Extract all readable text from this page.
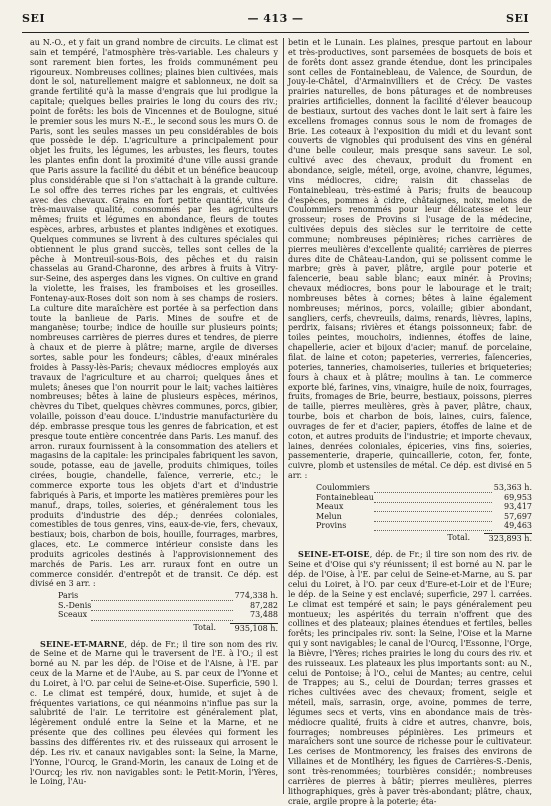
SEI	— 413 —	SEI

au N.-O., et y fait un grand nombre de circuits. Le climat est sain et tempéré, l'atmosphère très-variable. Les chaleurs y sont rarement bien fortes, les froids communément peu rigoureux. Nombreuses collines; plaines bien cultivées, mais dont le sol, naturellement maigre et sablonneux, ne doit sa grande fertilité qu'à la masse d'engrais que lui prodigue la capitale; quelques belles prairies le long du cours des riv.; point de forêts: les bois de Vincennes et de Boulogne, situé le premier sous les murs N.-E., le second sous les murs O. de Paris, sont les seules masses un peu considérables de bois que possède le dép. L'agriculture a principalement pour objet les fruits, les légumes, les arbustes, les fleurs, toutes les plantes enfin dont la proximité d'une ville aussi grande que Paris assure la facilité du débit et un bénéfice beaucoup plus considérable que si l'on s'attachait à la grande culture. Le sol offre des terres riches par les engrais, et cultivées avec des chevaux. Grains en fort petite quantité, vins de très-mauvaise qualité, consommés par les agriculteurs mêmes; fruits et légumes en abondance, fleurs de toutes espèces, arbres, arbustes et plantes indigènes et exotiques. Quelques communes se livrent à des cultures spéciales qui obtiennent le plus grand succès, telles sont celles de la pêche à Montreuil-sous-Bois, des pêches et du raisin chasselas au Grand-Charonne, des arbres à fruits à Vitry-sur-Seine, des asperges dans les vignes. On cultive en grand la violette, les fraises, les framboises et les groseilles. Fontenay-aux-Roses doit son nom à ses champs de rosiers. La culture dite maraîchère est portée à sa perfection dans toute la banlieue de Paris. Mines de soufre et de manganèse; tourbe; indice de houille sur plusieurs points; nombreuses carrières de pierres dures et tendres, de pierre à chaux et de pierre à plâtre; marne, argile de diverses sortes, sable pour les fondeurs; câbles, d'eaux minérales froides à Passy-lès-Paris; chevaux médiocres employés aux travaux de l'agriculture et au charroi; quelques ânes et mulets; âneses que l'on nourrit pour le lait; vaches laitières nombreuses; bêtes à laine de plusieurs espèces, mérinos, chèvres du Tibet, quelques chèvres communes, porcs, gibier, volaille, poisson d'eau douce. L'industrie manufacturière du dép. embrasse presque tous les genres de fabrication, et est presque toute entière concentrée dans Paris. Les manuf. des arron. ruraux fournissent à la consommation des ateliers et magasins de la capitale: les principales fabriquent les savon, soude, potasse, eau de javelle, produits chimiques, toiles cirées, bougie, chandelle, faïence, verrerie, etc.; le commerce exporte tous les objets d'art et d'industrie fabriqués à Paris, et importe les matières premières pour les manuf., draps, toiles, soieries, et généralement tous les produits d'industrie des dép.; denrées coloniales, comestibles de tous genres, vins, eaux-de-vie, fers, chevaux, bestiaux; bois, charbon de bois, houille, fourrages, marbres, glaces, etc. Le commerce intérieur consiste dans les produits agricoles destinés à l'approvisionnement des marchés de Paris. Les arr. ruraux font en outre un commerce considér. d'entrepôt et de transit. Ce dép. est divisé en 3 arr. :

Paris		774,338 h.
S.-Denis		87,282
Sceaux		73,488
Total.	935,108 h.

SEINE-ET-MARNE, dép. de Fr.; il tire son nom des riv. de Seine et de Marne qui le traversent de l'E. à l'O.; il est borné au N. par les dép. de l'Oise et de l'Aisne, à l'E. par ceux de la Marne et de l'Aube, au S. par ceux de l'Yonne et du Loiret, à l'O. par celui de Seine-et-Oise. Superficie, 590 l. c. Le climat est tempéré, doux, humide, et sujet à de fréquentes variations, ce qui néanmoins n'influe pas sur la salubrité de l'air. Le territoire est généralement plat, légèrement ondulé entre la Seine et la Marne, et ne présente que des collines peu élevées qui forment les bassins des différentes riv. et des ruisseaux qui arrosent le dép. Les riv. et canaux navigables sont: la Seine, la Marne, l'Yonne, l'Ourcq, le Grand-Morin, les canaux de Loing et de l'Ourcq; les riv. non navigables sont: le Petit-Morin, l'Yères, le Loing, l'Au-

betin et le Lunain. Les plaines, presque partout en labour et très-productives, sont parsemées de bosquets de bois et de forêts dont assez grande étendue, dont les principales sont celles de Fontainebleau, de Valence, de Sourdun, de Jouy-le-Châtel, d'Armainvilliers et de Crécy. De vastes prairies naturelles, de bons pâturages et de nombreuses prairies artificielles, donnent la facilité d'élever beaucoup de bestiaux, surtout des vaches dont le lait sert à faire les excellens fromages connus sous le nom de fromages de Brie. Les coteaux à l'exposition du midi et du levant sont couverts de vignobles qui produisent des vins en général d'une belle couleur, mais presque sans saveur. Le sol, cultivé avec des chevaux, produit du froment en abondance, seigle, méteil, orge, avoine, chanvre, légumes, vins médiocres, cidre; raisin dit chasselas de Fontainebleau, très-estimé à Paris; fruits de beaucoup d'espèces, pommes à cidre, châtaignes, noix, melons de Coulommiers renommés pour leur délicatesse et leur grosseur; roses de Provins si l'usage de la médecine, cultivées depuis des siècles sur le territoire de cette commune; nombreuses pépinières; riches carrières de pierres meulières d'excellente qualité; carrières de pierres dures dite de Château-Landon, qui se polissent comme le marbre; grès à paver, plâtre, argile pour poterie et faïencerie, beau sable blanc; eaux minér. à Provins; chevaux médiocres, bons pour le labourage et le trait; nombreuses bêtes à cornes; bêtes à laine également nombreuses; mérinos, porcs, volaille; gibier abondant, sangliers, cerfs, chevreuils, daims, renards, lièvres, lapins, perdrix, faisans; rivières et étangs poissonneux; fabr. de toiles peintes, mouchoirs, indiennes, étoffes de laine, chapellerie, acier et bijoux d'acier; manuf. de porcelaine, filat. de laine et coton; papeteries, verreries, faïenceries, poteries, tanneries, chamoiseries, tuileries et briqueteries; fours à chaux et à plâtre; moulins à tan. Le commerce exporte blé, farines, vins, vinaigre, huile de noix, fourrages, fruits, fromages de Brie, beurre, bestiaux, poissons, pierres de taille, pierres meulières, grès à paver, plâtre, chaux, tourbe, bois et charbon de bois, laines, cuirs, faïence, ouvrages de fer et d'acier, papiers, étoffes de laine et de coton, et autres produits de l'industrie; et importe chevaux, laines, denrées coloniales, épiceries, vins fins, soieries, passementerie, draperie, quincaillerie, coton, fer, fonte, cuivre, plomb et ustensiles de métal. Ce dép. est divisé en 5 arr. :

Coulommiers		53,363 h.
Fontainebleau		69,953
Meaux		93,417
Melun		57,697
Provins		49,463
Total.	323,893 h.

SEINE-ET-OISE, dép. de Fr.; il tire son nom des riv. de Seine et d'Oise qui s'y réunissent; il est borné au N. par le dép. de l'Oise, à l'E. par celui de Seine-et-Marne, au S. par celui du Loiret, à l'O. par ceux d'Eure-et-Loir et de l'Eure; le dép. de la Seine y est enclavé; superficie, 297 l. carrées. Le climat est tempéré et sain; le pays généralement peu montueux; les aspérités du terrain n'offrent que des collines et des plateaux; plaines étendues et fertiles, belles forêts; les principales riv. sont: la Seine, l'Oise et la Marne qui y sont navigables; le canal de l'Ourcq, l'Essonne, l'Orge, la Bièvre, l'Yères; riches prairies le long du cours des riv. et des ruisseaux. Les plateaux les plus importants sont: au N., celui de Pontoise; à l'O., celui de Mantes; au centre, celui de Trappes; au S., celui de Dourdan; terres grasses et riches cultivées avec des chevaux; froment, seigle et méteil, maïs, sarrasin, orge, avoine, pommes de terre, légumes secs et verts, vins en abondance mais de très-médiocre qualité, fruits à cidre et autres, chanvre, bois, fourrages; nombreuses pépinières. Les primeurs et maraîchers sont une source de richesse pour le cultivateur. Les cerises de Montmorency, les fraises des environs de Villaines et de Montlhéry, les figues de Carrières-S.-Denis, sont très-renommées; tourbières considér.; nombreuses carrières de pierres à bâtir; pierres meulières, pierres lithographiques, grès à paver très-abondant; plâtre, chaux, craie, argile propre à la poterie; éta-
